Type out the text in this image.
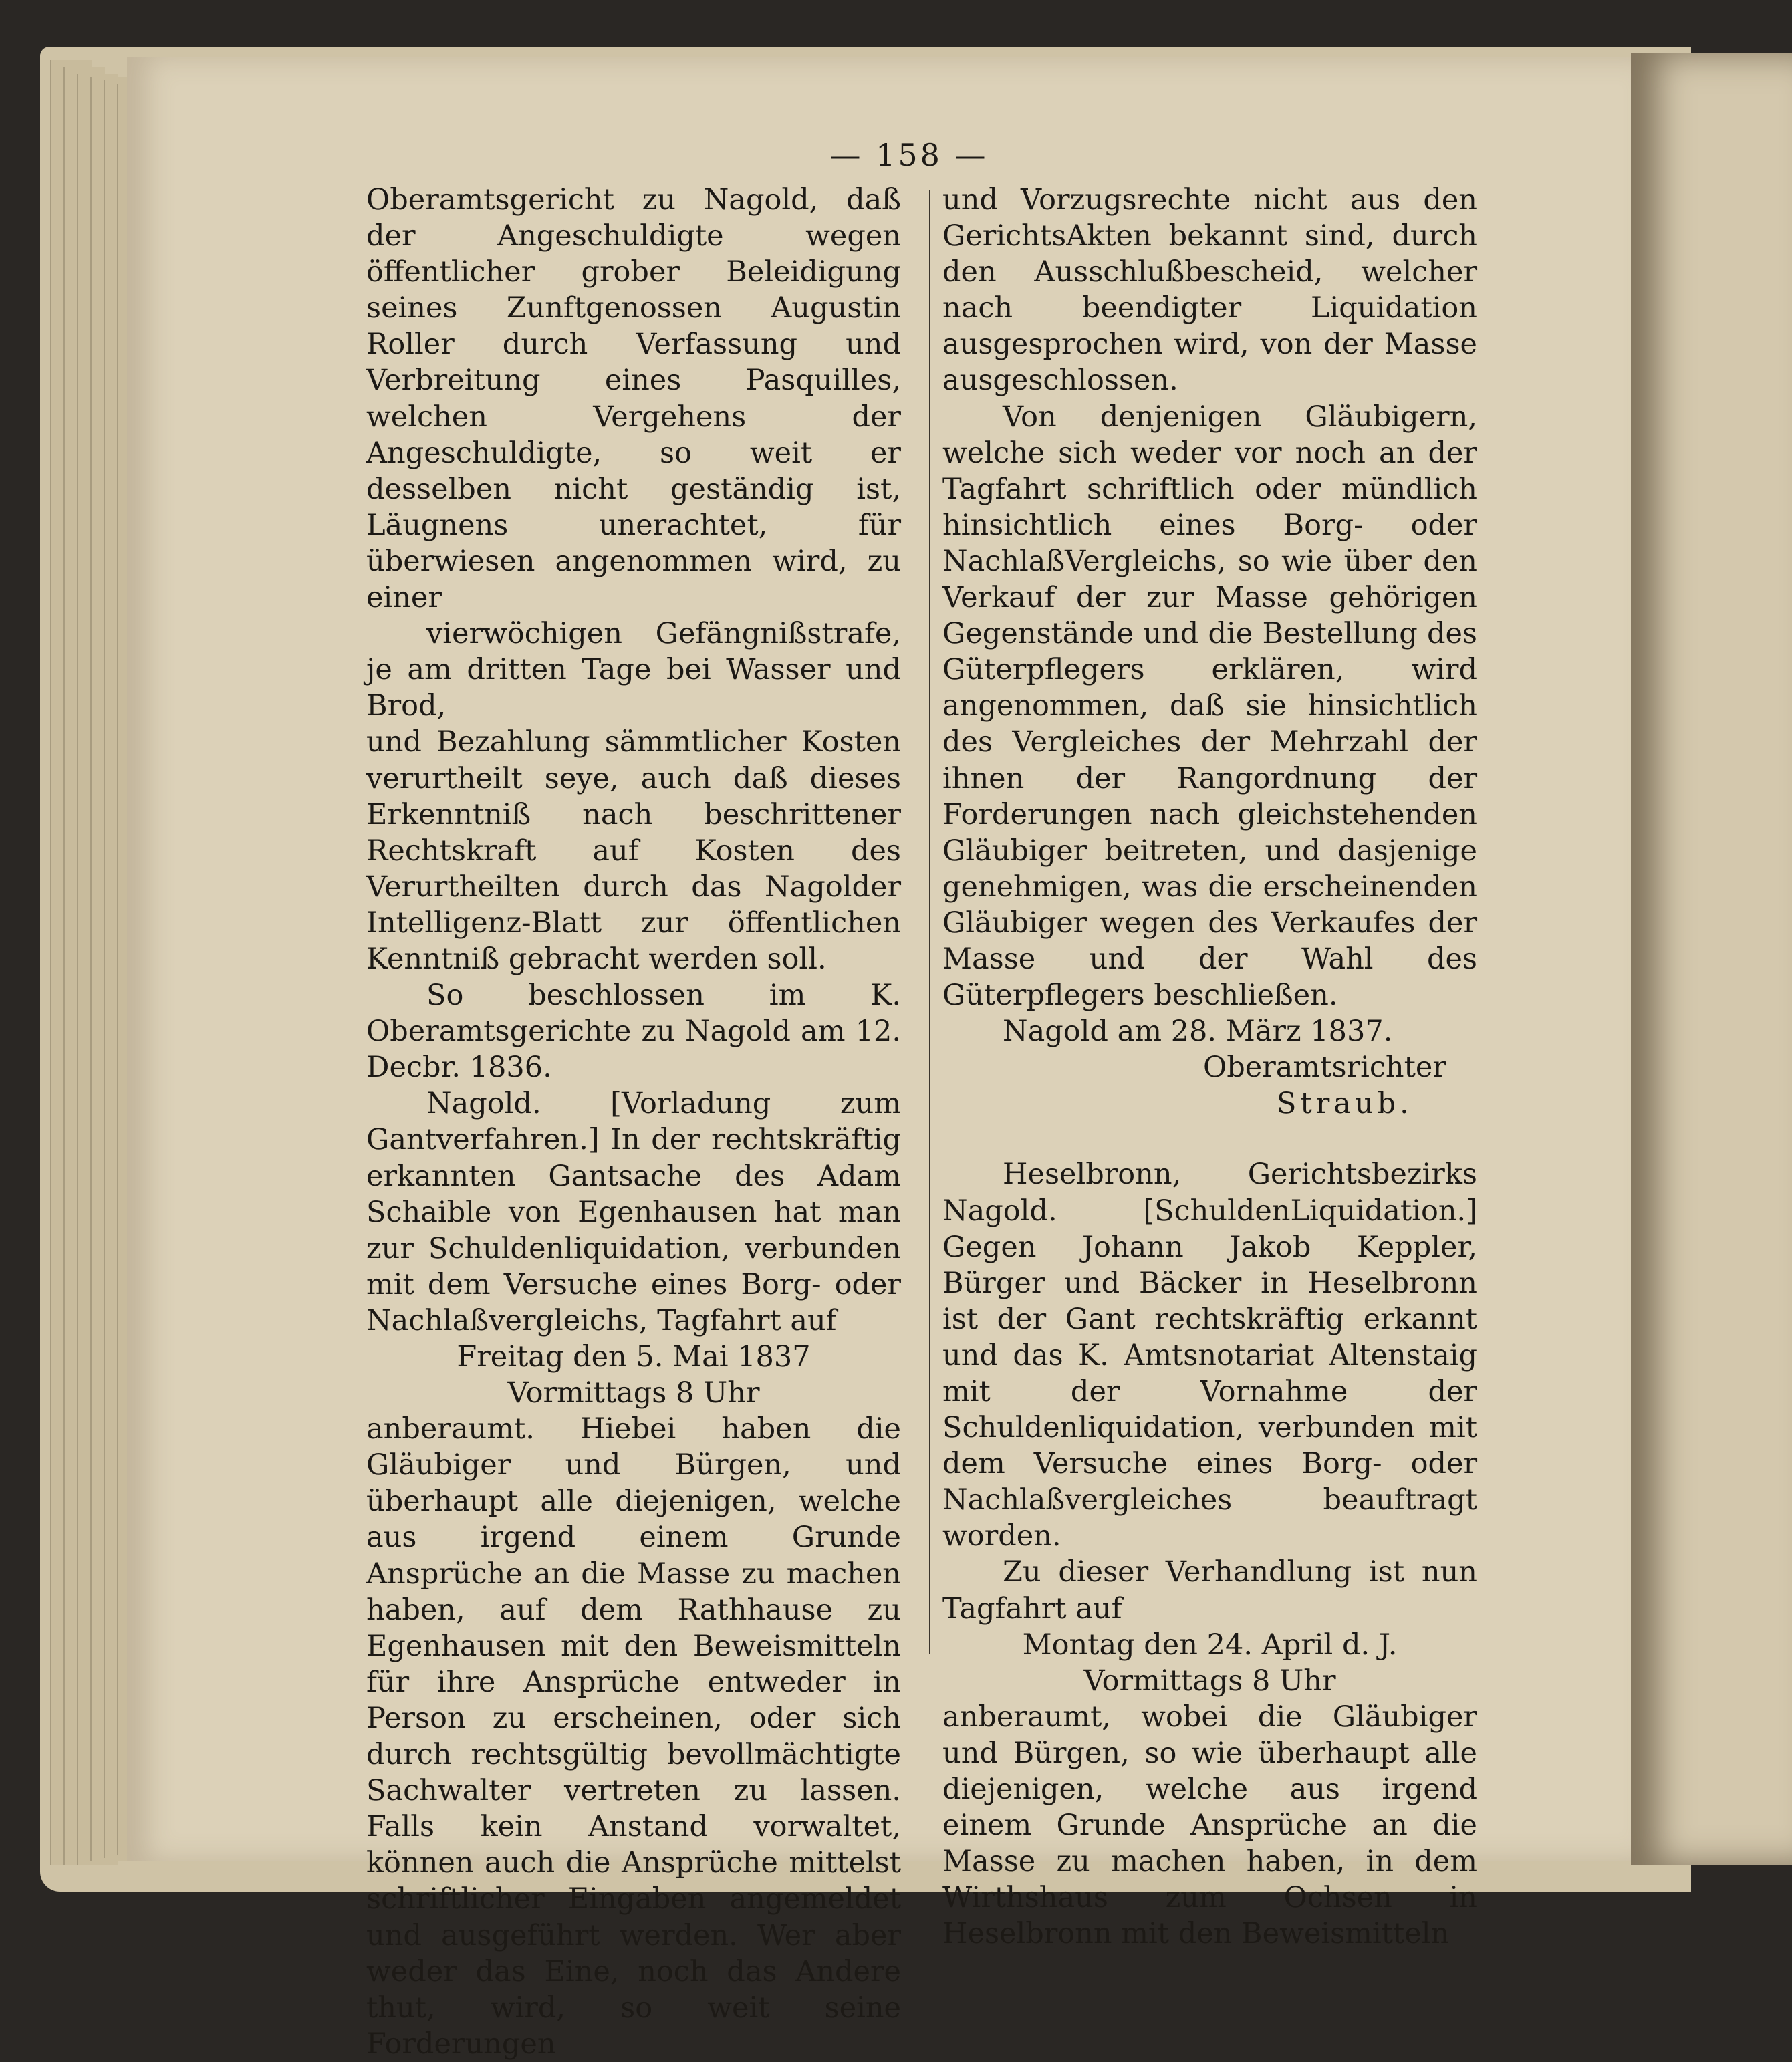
— 158 —

Oberamtsgericht zu Nagold, daß der Angeschuldigte wegen öffentlicher grober Beleidigung seines Zunftgenossen Augustin Roller durch Verfassung und Verbreitung eines Pasquilles, welchen Vergehens der Angeschuldigte, so weit er desselben nicht geständig ist, Läugnens unerachtet, für überwiesen angenommen wird, zu einer

vierwöchigen Gefängnißstrafe, je am dritten Tage bei Wasser und Brod,

und Bezahlung sämmtlicher Kosten verurtheilt seye, auch daß dieses Erkenntniß nach beschrittener Rechtskraft auf Kosten des Verurtheilten durch das Nagolder Intelligenz-Blatt zur öffentlichen Kenntniß gebracht werden soll.

So beschlossen im K. Oberamtsgerichte zu Nagold am 12. Decbr. 1836.

Nagold. [Vorladung zum Gantverfahren.] In der rechtskräftig erkannten Gantsache des Adam Schaible von Egenhausen hat man zur Schuldenliquidation, verbunden mit dem Versuche eines Borg- oder Nachlaßvergleichs, Tagfahrt auf

Freitag den 5. Mai 1837

Vormittags 8 Uhr

anberaumt. Hiebei haben die Gläubiger und Bürgen, und überhaupt alle diejenigen, welche aus irgend einem Grunde Ansprüche an die Masse zu machen haben, auf dem Rathhause zu Egenhausen mit den Beweismitteln für ihre Ansprüche entweder in Person zu erscheinen, oder sich durch rechtsgültig bevollmächtigte Sachwalter vertreten zu lassen. Falls kein Anstand vorwaltet, können auch die Ansprüche mittelst schriftlicher Eingaben angemeldet und ausgeführt werden. Wer aber weder das Eine, noch das Andere thut, wird, so weit seine Forderungen

und Vorzugsrechte nicht aus den GerichtsAkten bekannt sind, durch den Ausschlußbescheid, welcher nach beendigter Liquidation ausgesprochen wird, von der Masse ausgeschlossen.

Von denjenigen Gläubigern, welche sich weder vor noch an der Tagfahrt schriftlich oder mündlich hinsichtlich eines Borg- oder NachlaßVergleichs, so wie über den Verkauf der zur Masse gehörigen Gegenstände und die Bestellung des Güterpflegers erklären, wird angenommen, daß sie hinsichtlich des Vergleiches der Mehrzahl der ihnen der Rangordnung der Forderungen nach gleichstehenden Gläubiger beitreten, und dasjenige genehmigen, was die erscheinenden Gläubiger wegen des Verkaufes der Masse und der Wahl des Güterpflegers beschließen.

Nagold am 28. März 1837.

Oberamtsrichter

Straub.

Heselbronn, Gerichtsbezirks Nagold. [SchuldenLiquidation.] Gegen Johann Jakob Keppler, Bürger und Bäcker in Heselbronn ist der Gant rechtskräftig erkannt und das K. Amtsnotariat Altenstaig mit der Vornahme der Schuldenliquidation, verbunden mit dem Versuche eines Borg- oder Nachlaßvergleiches beauftragt worden.

Zu dieser Verhandlung ist nun Tagfahrt auf

Montag den 24. April d. J.

Vormittags 8 Uhr

anberaumt, wobei die Gläubiger und Bürgen, so wie überhaupt alle diejenigen, welche aus irgend einem Grunde Ansprüche an die Masse zu machen haben, in dem Wirthshaus zum Ochsen in Heselbronn mit den Beweismitteln
